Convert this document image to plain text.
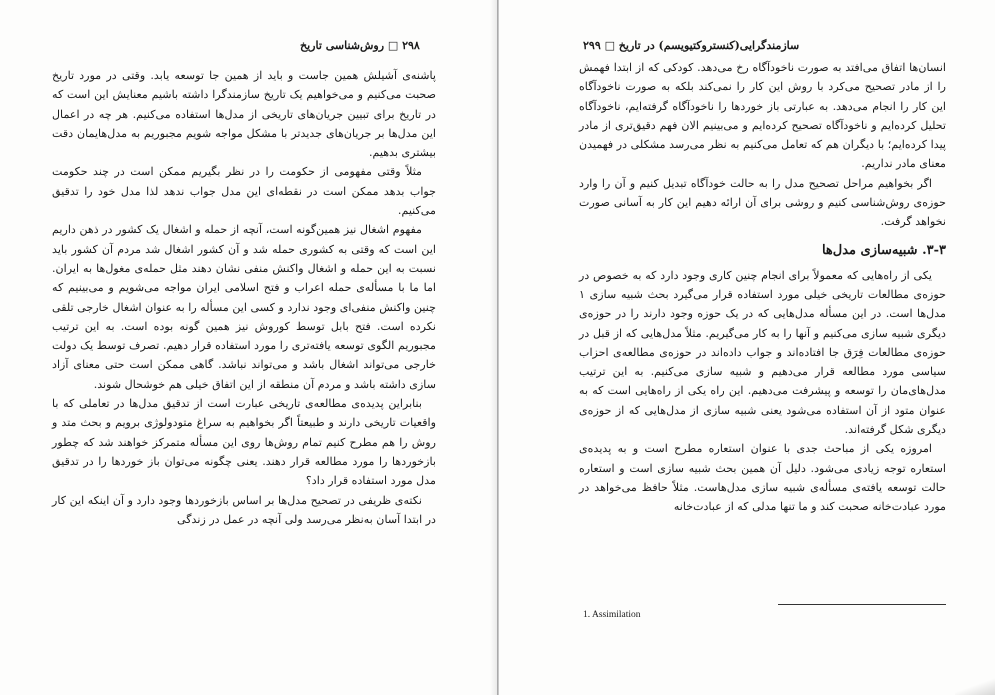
۲۹۸ □ روش‌شناسی تاریخ

پاشنه‌ی آشیلش همین جاست و باید از همین جا توسعه یابد. وقتی در مورد تاریخ صحبت می‌کنیم و می‌خواهیم یک تاریخ سازمندگرا داشته باشیم معنایش این است که در تاریخ برای تبیین جریان‌های تاریخی از مدل‌ها استفاده می‌کنیم. هر چه در اعمال این مدل‌ها بر جریان‌های جدیدتر با مشکل مواجه شویم مجبوریم به مدل‌هایمان دقت بیشتری بدهیم.

مثلاً وقتی مفهومی از حکومت را در نظر بگیریم ممکن است در چند حکومت جواب بدهد ممکن است در نقطه‌ای این مدل جواب ندهد لذا مدل خود را تدقیق می‌کنیم.

مفهوم اشغال نیز همین‌گونه است، آنچه از حمله و اشغال یک کشور در ذهن داریم این است که وقتی به کشوری حمله شد و آن کشور اشغال شد مردم آن کشور باید نسبت به این حمله و اشغال واکنش منفی نشان دهند مثل حمله‌ی مغول‌ها به ایران. اما ما با مسأله‌ی حمله اعراب و فتح اسلامی ایران مواجه می‌شویم و می‌بینیم که چنین واکنش منفی‌ای وجود ندارد و کسی این مسأله را به عنوان اشغال خارجی تلقی نکرده است. فتح بابل توسط کوروش نیز همین گونه بوده است. به این ترتیب مجبوریم الگوی توسعه یافته‌تری را مورد استفاده قرار دهیم. تصرف توسط یک دولت خارجی می‌تواند اشغال باشد و می‌تواند نباشد. گاهی ممکن است حتی معنای آزاد سازی داشته باشد و مردم آن منطقه از این اتفاق خیلی هم خوشحال شوند.

بنابراین پدیده‌ی مطالعه‌ی تاریخی عبارت است از تدقیق مدل‌ها در تعاملی که با واقعیات تاریخی دارند و طبیعتاً اگر بخواهیم به سراغ متودولوژی برویم و بحث متد و روش را هم مطرح کنیم تمام روش‌ها روی این مسأله متمرکز خواهند شد که چطور بازخوردها را مورد مطالعه قرار دهند. یعنی چگونه می‌توان باز خوردها را در تدقیق مدل مورد استفاده قرار داد؟

نکته‌ی ظریفی در تصحیح مدل‌ها بر اساس بازخوردها وجود دارد و آن اینکه این کار در ابتدا آسان به‌نظر می‌رسد ولی آنچه در عمل در زندگی

سازمندگرایی(کنستروکتیویسم) در تاریخ □ ۲۹۹

انسان‌ها اتفاق می‌افتد به صورت ناخودآگاه رخ می‌دهد. کودکی که از ابتدا فهمش را از مادر تصحیح می‌کرد با روش این کار را نمی‌کند بلکه به صورت ناخودآگاه این کار را انجام می‌دهد. به عبارتی باز خوردها را ناخودآگاه گرفته‌ایم، ناخودآگاه تحلیل کرده‌ایم و ناخودآگاه تصحیح کرده‌ایم و می‌بینیم الان فهم دقیق‌تری از مادر پیدا کرده‌ایم؛ با دیگران هم که تعامل می‌کنیم به نظر می‌رسد مشکلی در فهمیدن معنای مادر نداریم.

اگر بخواهیم مراحل تصحیح مدل را به حالت خودآگاه تبدیل کنیم و آن را وارد حوزه‌ی روش‌شناسی کنیم و روشی برای آن ارائه دهیم این کار به آسانی صورت نخواهد گرفت.

۳-۳. شبیه‌سازی مدل‌ها

یکی از راه‌هایی که معمولاً برای انجام چنین کاری وجود دارد که به خصوص در حوزه‌ی مطالعات تاریخی خیلی مورد استفاده قرار می‌گیرد بحث شبیه سازی ۱ مدل‌ها است. در این مسأله مدل‌هایی که در یک حوزه وجود دارند را در حوزه‌ی دیگری شبیه سازی می‌کنیم و آنها را به کار می‌گیریم. مثلاً مدل‌هایی که از قبل در حوزه‌ی مطالعات فِرَق جا افتاده‌اند و جواب داده‌اند در حوزه‌ی مطالعه‌ی احزاب سیاسی مورد مطالعه قرار می‌دهیم و شبیه سازی می‌کنیم. به این ترتیب مدل‌های‌مان را توسعه و پیشرفت می‌دهیم. این راه یکی از راه‌هایی است که به عنوان متود از آن استفاده می‌شود یعنی شبیه سازی از مدل‌هایی که از حوزه‌ی دیگری شکل گرفته‌اند.

امروزه یکی از مباحث جدی با عنوان استعاره مطرح است و به پدیده‌ی استعاره توجه زیادی می‌شود. دلیل آن همین بحث شبیه سازی است و استعاره حالت توسعه یافته‌ی مسأله‌ی شبیه سازی مدل‌هاست. مثلاً حافظ می‌خواهد در مورد عبادت‌خانه صحبت کند و ما تنها مدلی که از عبادت‌خانه

1. Assimilation
